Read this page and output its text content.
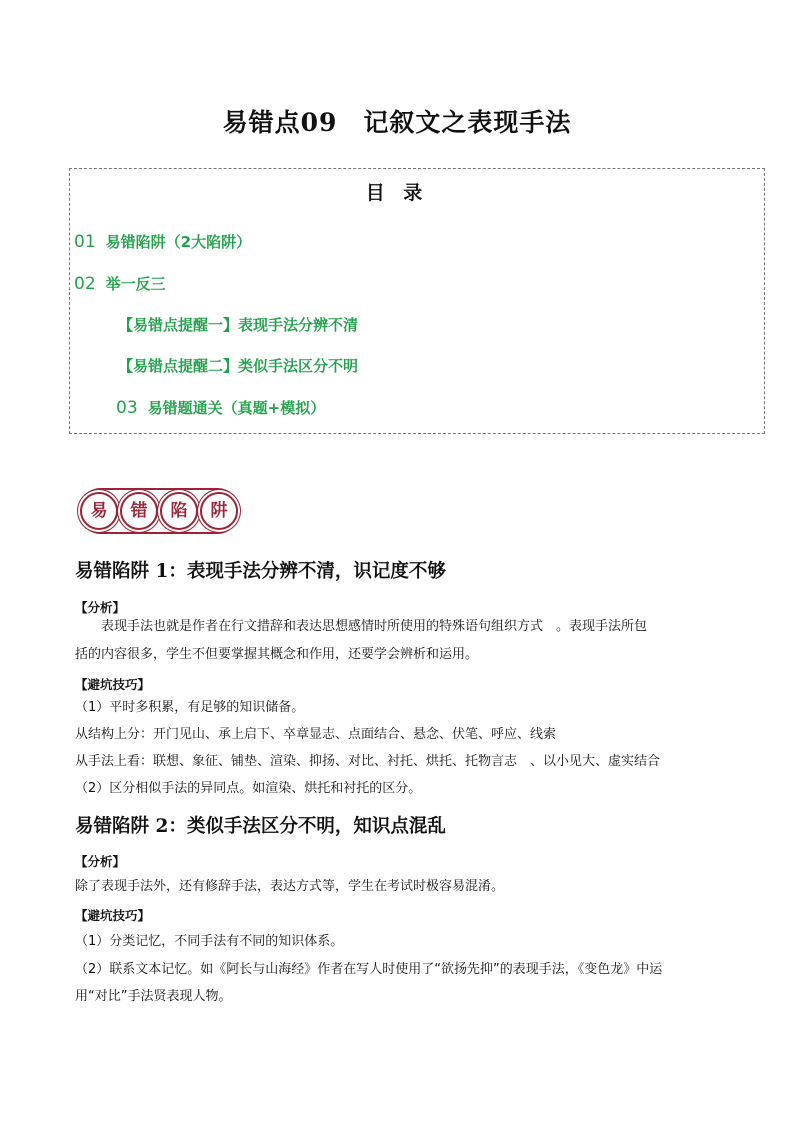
易错点09　记叙文之表现手法
目 录
01 易错陷阱（2大陷阱）
02 举一反三
【易错点提醒一】表现手法分辨不清
【易错点提醒二】类似手法区分不明
03 易错题通关（真题+模拟）
易	错	陷	阱
易错陷阱 1：表现手法分辨不清，识记度不够
【分析】
表现手法也就是作者在行文措辞和表达思想感情时所使用的特殊语句组织方式　。表现手法所包
括的内容很多，学生不但要掌握其概念和作用，还要学会辨析和运用。
【避坑技巧】
（1）平时多积累，有足够的知识储备。
从结构上分：开门见山、承上启下、卒章显志、点面结合、悬念、伏笔、呼应、线索
从手法上看：联想、象征、铺垫、渲染、抑扬、对比、衬托、烘托、托物言志　、以小见大、虚实结合
（2）区分相似手法的异同点。如渲染、烘托和衬托的区分。
易错陷阱 2：类似手法区分不明，知识点混乱
【分析】
除了表现手法外，还有修辞手法，表达方式等，学生在考试时极容易混淆。
【避坑技巧】
（1）分类记忆，不同手法有不同的知识体系。
（2）联系文本记忆。如《阿长与山海经》作者在写人时使用了“欲扬先抑”的表现手法，《变色龙》中运
用“对比”手法贤表现人物。
